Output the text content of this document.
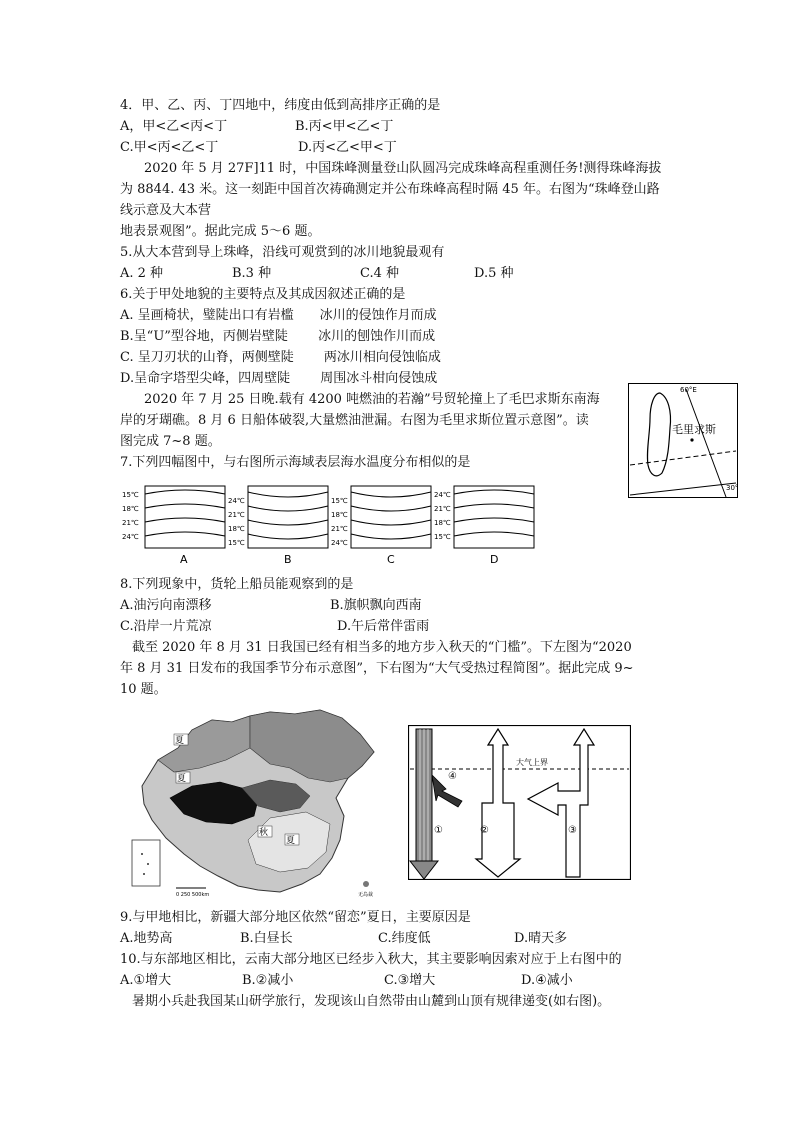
4．甲、乙、丙、丁四地中，纬度由低到高排序正确的是
A，甲<乙<丙<丁	B.丙<甲<乙<丁
C.甲<丙<乙<丁	D.丙<乙<甲<丁
2020 年 5 月 27F]11 时，中国珠峰测量登山队圆冯完成珠峰高程重测任务!测得珠峰海拔
为 8844. 43 米。这一刻距中国首次祷确测定并公布珠峰高程时隔 45 年。右图为“珠峰登山路
线示意及大本营
地表景观图”。据此完成 5～6 题。
5.从大本营到导上珠峰，沿线可观赏到的冰川地貌最观有
A. 2 种	B.3 种	C.4 种	D.5 种
6.关于甲处地貌的主要特点及其成因叙述正确的是
A. 呈画椅状，璧陡出口有岩槛　　冰川的侵蚀作月而成
B.呈“U”型谷地，丙侧岩壁陡　　 冰川的刨蚀作川而成
C. 呈刀刃状的山脊，两侧壁陡　　 两冰川相向侵蚀临成
D.呈命字塔型尖峰，四周壁陡　　 周围冰斗柑向侵蚀成
2020 年 7 月 25 日晚.载有 4200 吨燃油的若瀚”号贸轮撞上了毛巴求斯东南海
岸的牙瑚礁。8 月 6 日船体破裂,大量燃油泄漏。右图为毛里求斯位置示意图”。读
图完成 7~8 题。
7.下列四幅图中，与右图所示海域表层海水温度分布相似的是
60°E
30°
毛里求斯
15℃
18℃
21℃
24℃
A
24℃
21℃
18℃
15℃
B
15℃
18℃
21℃
24℃
C
24℃
21℃
18℃
15℃
D
8.下列现象中，货轮上船员能观察到的是
A.油污向南漂移	B.旗帜飘向西南
C.沿岸一片荒凉	D.午后常伴雷雨
截至 2020 年 8 月 31 日我国已经有相当多的地方步入秋天的“门槛”。下左图为“2020
年 8 月 31 日发布的我国季节分布示意图”，下右图为“大气受热过程简图”。据此完成 9~
10 题。
夏
夏
秋
夏
0 250 500km	无岛裁
大气上界
①
④
②	③
9.与甲地相比，新疆大部分地区依然“留恋”夏日，主要原因是
A.地势高	B.白昼长	C.纬度低	D.晴天多
10.与东部地区相比，云南大部分地区已经步入秋大，其主要影响因索对应于上右图中的
A.①增大	B.②减小	C.③增大	D.④减小
暑期小兵赴我国某山研学旅行，发现该山自然带由山麓到山顶有规律递变(如右图)。
